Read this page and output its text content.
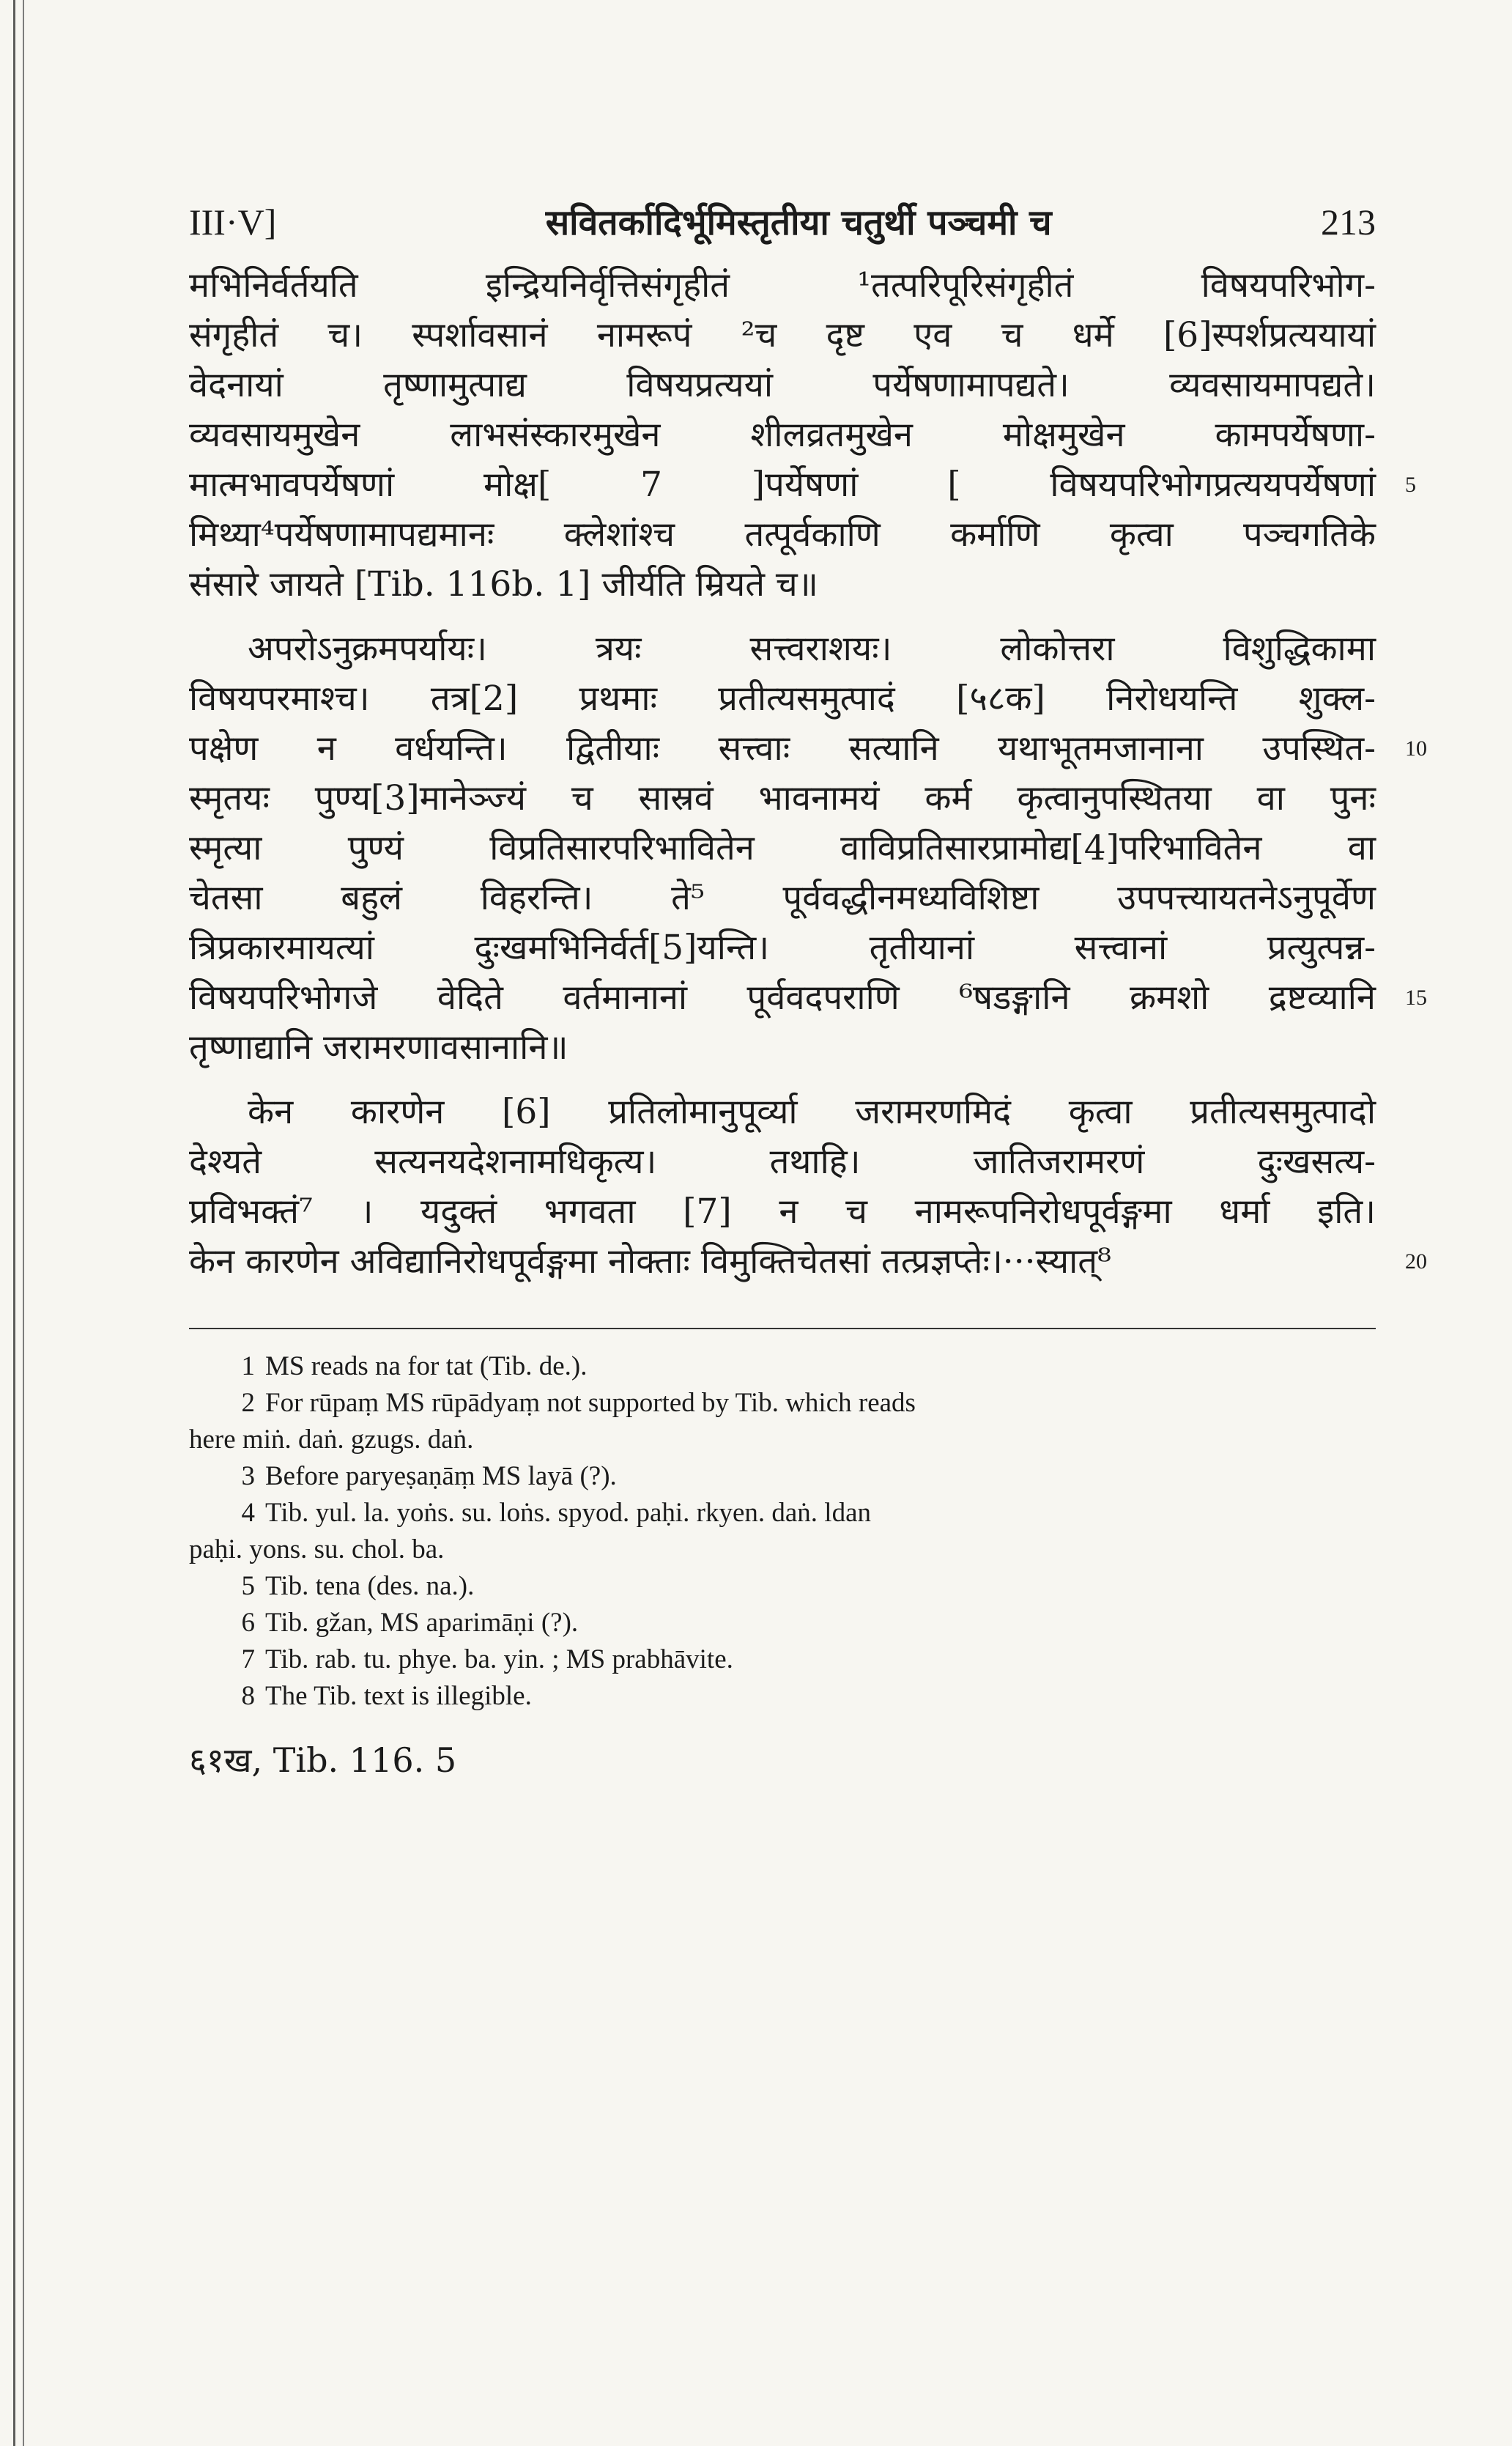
III·V]	सवितर्कादिर्भूमिस्तृतीया चतुर्थी पञ्चमी च	213
मभिनिर्वर्तयति इन्द्रियनिर्वृत्तिसंगृहीतं ¹तत्परिपूरिसंगृहीतं विषयपरिभोग-
संगृहीतं च। स्पर्शावसानं नामरूपं ²च दृष्ट एव च धर्मे [6]स्पर्शप्रत्ययायां
वेदनायां तृष्णामुत्पाद्य विषयप्रत्ययां पर्येषणामापद्यते। व्यवसायमापद्यते।
व्यवसायमुखेन लाभसंस्कारमुखेन शीलव्रतमुखेन मोक्षमुखेन कामपर्येषणा-
मात्मभावपर्येषणां मोक्ष[ 7 ]पर्येषणां [ विषयपरिभोगप्रत्ययपर्येषणां 5
मिथ्या⁴पर्येषणामापद्यमानः क्लेशांश्च तत्पूर्वकाणि कर्माणि कृत्वा पञ्चगतिके
संसारे जायते [Tib. 116b. 1] जीर्यति म्रियते च॥
अपरोऽनुक्रमपर्यायः। त्रयः सत्त्वराशयः। लोकोत्तरा विशुद्धिकामा
विषयपरमाश्च। तत्र[2] प्रथमाः प्रतीत्यसमुत्पादं [५८क] निरोधयन्ति शुक्ल-
पक्षेण न वर्धयन्ति। द्वितीयाः सत्त्वाः सत्यानि यथाभूतमजानाना उपस्थित- 10
स्मृतयः पुण्य[3]मानेञ्ज्यं च सास्रवं भावनामयं कर्म कृत्वानुपस्थितया वा पुनः
स्मृत्या पुण्यं विप्रतिसारपरिभावितेन वाविप्रतिसारप्रामोद्य[4]परिभावितेन वा
चेतसा बहुलं विहरन्ति। ते⁵ पूर्ववद्धीनमध्यविशिष्टा उपपत्त्यायतनेऽनुपूर्वेण
त्रिप्रकारमायत्यां दुःखमभिनिर्वर्त[5]यन्ति। तृतीयानां सत्त्वानां प्रत्युत्पन्न-
विषयपरिभोगजे वेदिते वर्तमानानां पूर्ववदपराणि ⁶षडङ्गानि क्रमशो द्रष्टव्यानि 15
तृष्णाद्यानि जरामरणावसानानि॥
केन कारणेन [6] प्रतिलोमानुपूर्व्या जरामरणमिदं कृत्वा प्रतीत्यसमुत्पादो
देश्यते सत्यनयदेशनामधिकृत्य। तथाहि। जातिजरामरणं दुःखसत्य-
प्रविभक्तं⁷ । यदुक्तं भगवता [7] न च नामरूपनिरोधपूर्वङ्गमा धर्मा इति।
केन कारणेन अविद्यानिरोधपूर्वङ्गमा नोक्ताः विमुक्तिचेतसां तत्प्रज्ञप्तेः।···स्यात्⁸	20
1 MS reads na for tat (Tib. de.).
2 For rūpaṃ MS rūpādyaṃ not supported by Tib. which reads
here miṅ. daṅ. gzugs. daṅ.
3 Before paryeṣaṇāṃ MS layā (?).
4 Tib. yul. la. yoṅs. su. loṅs. spyod. paḥi. rkyen. daṅ. ldan
paḥi. yons. su. chol. ba.
5 Tib. tena (des. na.).
6 Tib. gžan, MS aparimāṇi (?).
7 Tib. rab. tu. phye. ba. yin. ; MS prabhāvite.
8 The Tib. text is illegible.
६१ख, Tib. 116. 5
